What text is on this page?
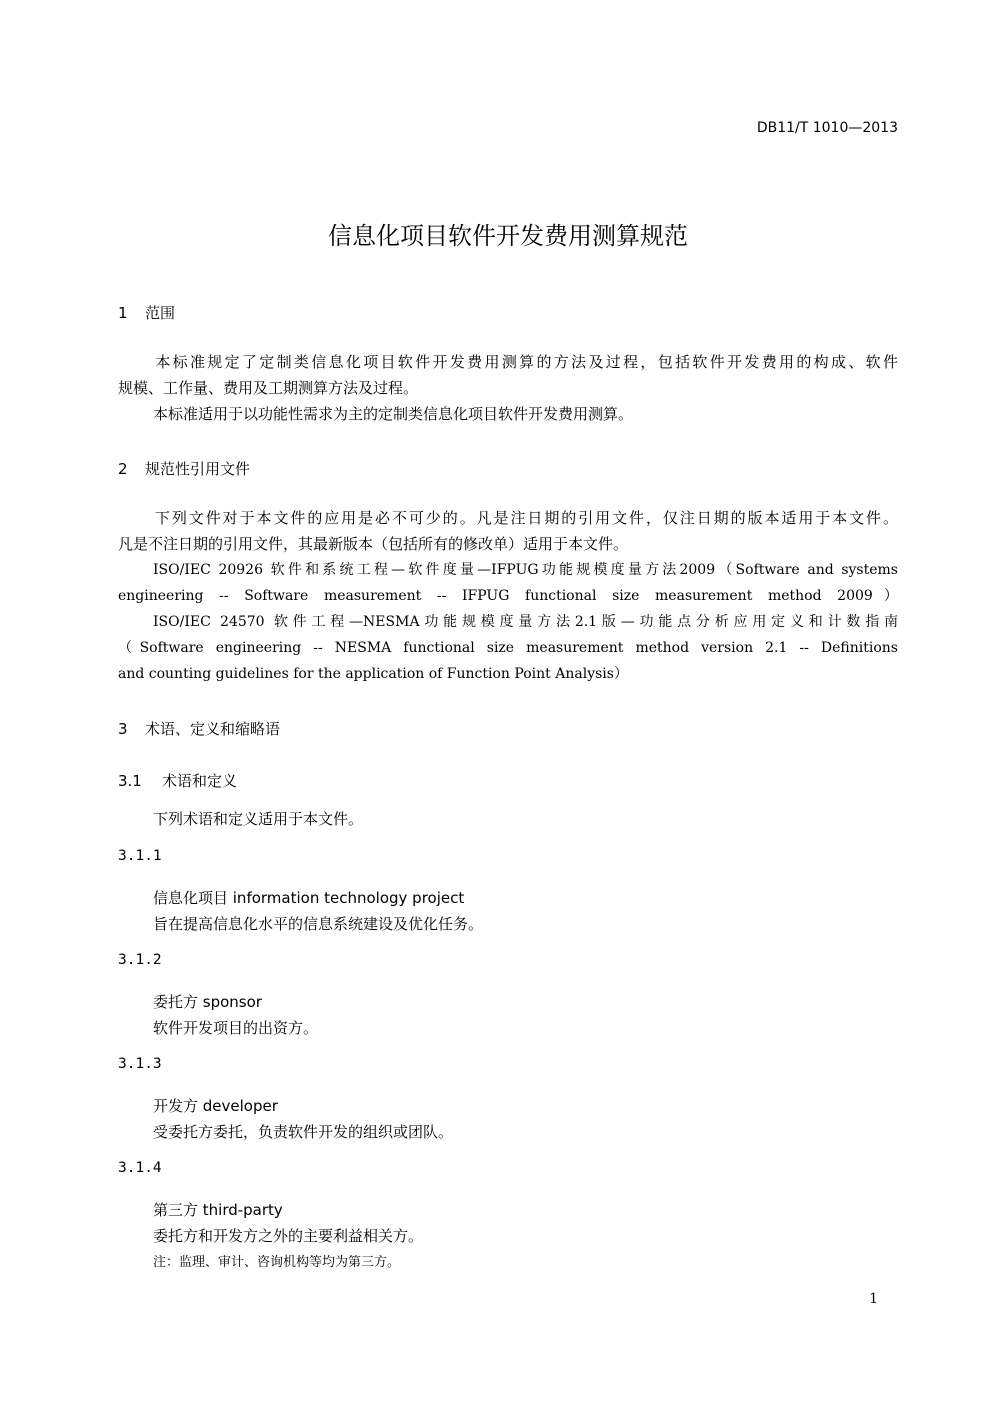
DB11/T 1010—2013
信息化项目软件开发费用测算规范
1 范围
本标准规定了定制类信息化项目软件开发费用测算的方法及过程，包括软件开发费用的构成、软件
规模、工作量、费用及工期测算方法及过程。
本标准适用于以功能性需求为主的定制类信息化项目软件开发费用测算。
2 规范性引用文件
下列文件对于本文件的应用是必不可少的。凡是注日期的引用文件，仅注日期的版本适用于本文件。
凡是不注日期的引用文件，其最新版本（包括所有的修改单）适用于本文件。
ISO/IEC 20926 软件和系统工程—软件度量—IFPUG功能规模度量方法2009（Software and systems
engineering -- Software measurement -- IFPUG functional size measurement method 2009）
ISO/IEC 24570 软件工程—NESMA功能规模度量方法2.1版—功能点分析应用定义和计数指南
（Software engineering -- NESMA functional size measurement method version 2.1 -- Definitions
and counting guidelines for the application of Function Point Analysis）
3 术语、定义和缩略语
3.1 术语和定义
下列术语和定义适用于本文件。
3.1.1
信息化项目 information technology project
旨在提高信息化水平的信息系统建设及优化任务。
3.1.2
委托方 sponsor
软件开发项目的出资方。
3.1.3
开发方 developer
受委托方委托，负责软件开发的组织或团队。
3.1.4
第三方 third-party
委托方和开发方之外的主要利益相关方。
注：监理、审计、咨询机构等均为第三方。
1
